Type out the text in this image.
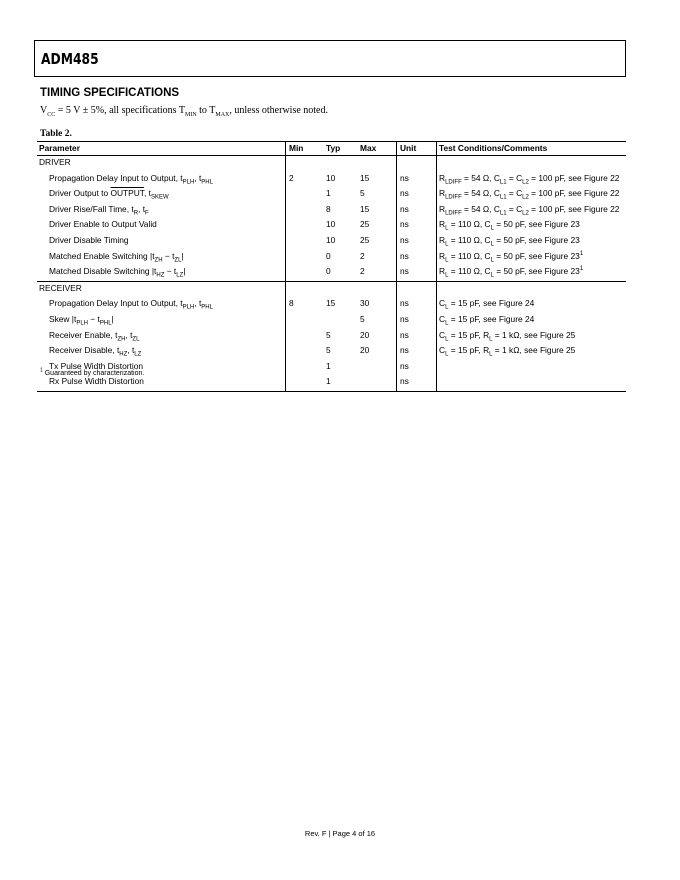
ADM485
TIMING SPECIFICATIONS
$V_{CC} = 5$ V ± 5%, all specifications $T_{MIN}$ to $T_{MAX}$, unless otherwise noted.
Table 2.
Parameter	Min	Typ	Max	Unit	Test Conditions/Comments
DRIVER					
Propagation Delay Input to Output, $t_{PLH}$, $t_{PHL}$	2	10	15	ns	$R_{LDIFF} = 54$ Ω, $C_{L1} = C_{L2} = 100$ pF, see Figure 22
Driver Output to OUTPUT, $t_{SKEW}$		1	5	ns	$R_{LDIFF} = 54$ Ω, $C_{L1} = C_{L2} = 100$ pF, see Figure 22
Driver Rise/Fall Time, $t_R$, $t_F$		8	15	ns	$R_{LDIFF} = 54$ Ω, $C_{L1} = C_{L2} = 100$ pF, see Figure 22
Driver Enable to Output Valid		10	25	ns	$R_L = 110$ Ω, $C_L = 50$ pF, see Figure 23
Driver Disable Timing		10	25	ns	$R_L = 110$ Ω, $C_L = 50$ pF, see Figure 23
Matched Enable Switching $|t_{ZH} - t_{ZL}|$		0	2	ns	$R_L = 110$ Ω, $C_L = 50$ pF, see Figure $23^1$
Matched Disable Switching $|t_{HZ} - t_{LZ}|$		0	2	ns	$R_L = 110$ Ω, $C_L = 50$ pF, see Figure $23^1$
RECEIVER					
Propagation Delay Input to Output, $t_{PLH}$, $t_{PHL}$	8	15	30	ns	$C_L = 15$ pF, see Figure 24
Skew $|t_{PLH} - t_{PHL}|$			5	ns	$C_L = 15$ pF, see Figure 24
Receiver Enable, $t_{ZH}$, $t_{ZL}$		5	20	ns	$C_L = 15$ pF, $R_L = 1$ kΩ, see Figure 25
Receiver Disable, $t_{HZ}$, $t_{LZ}$		5	20	ns	$C_L = 15$ pF, $R_L = 1$ kΩ, see Figure 25
Tx Pulse Width Distortion		1		ns	
Rx Pulse Width Distortion		1		ns	
$^1$ Guaranteed by characterization.
Rev. F | Page 4 of 16
